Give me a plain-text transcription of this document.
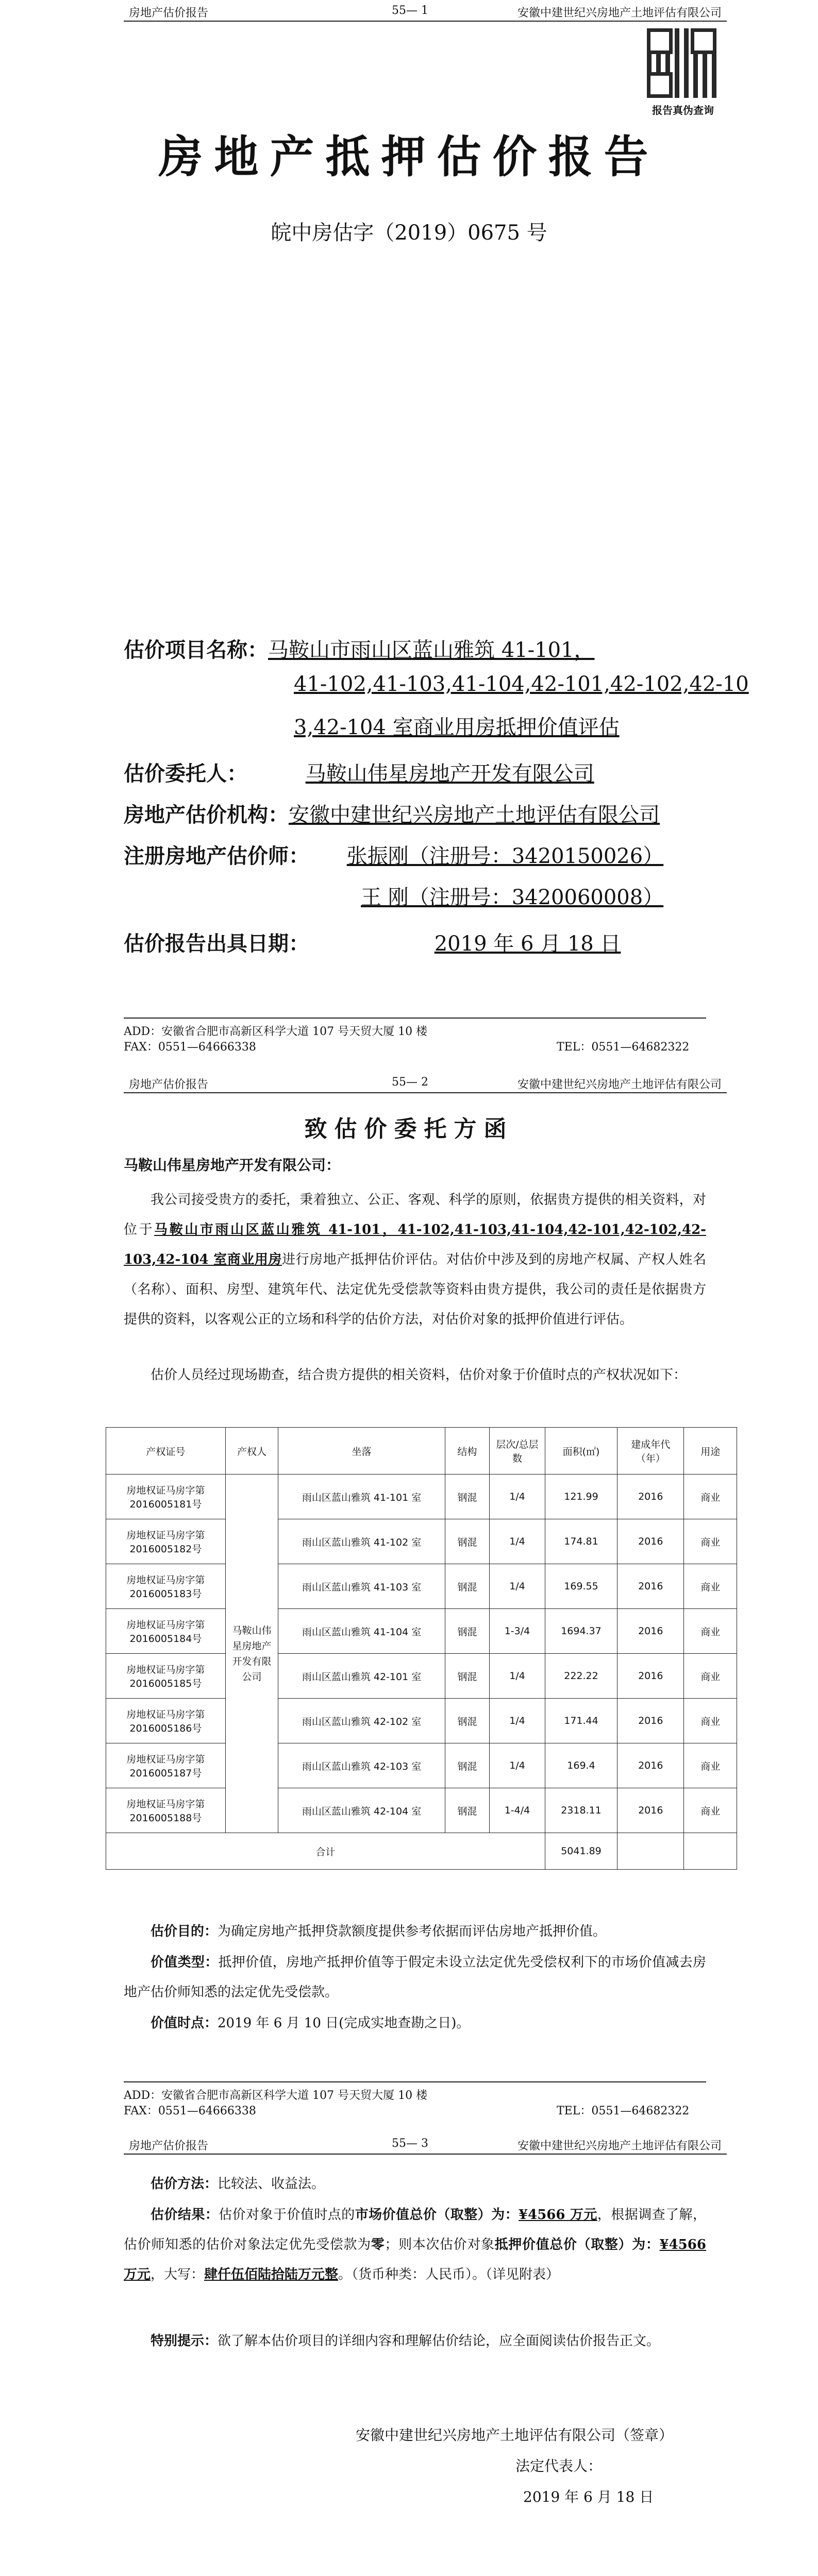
房地产估价报告	55— 1	安徽中建世纪兴房地产土地评估有限公司
报告真伪查询
房地产抵押估价报告
皖中房估字（2019）0675 号
估价项目名称：马鞍山市雨山区蓝山雅筑 41-101，
41-102,41-103,41-104,42-101,42-102,42-10
3,42-104 室商业用房抵押价值评估
估价委托人：	马鞍山伟星房地产开发有限公司
房地产估价机构：安徽中建世纪兴房地产土地评估有限公司
注册房地产估价师： 张振刚（注册号：3420150026）
王 刚（注册号：3420060008）
估价报告出具日期：	2019 年 6 月 18 日
ADD：安徽省合肥市高新区科学大道 107 号天贸大厦 10 楼
FAX：0551—64666338	TEL：0551—64682322
房地产估价报告	55— 2	安徽中建世纪兴房地产土地评估有限公司
致估价委托方函
马鞍山伟星房地产开发有限公司：
我公司接受贵方的委托，秉着独立、公正、客观、科学的原则，依据贵方提供的相关资料，对位于马鞍山市雨山区蓝山雅筑 41-101，41-102,41-103,41-104,42-101,42-102,42-103,42-104 室商业用房进行房地产抵押估价评估。对估价中涉及到的房地产权属、产权人姓名（名称）、面积、房型、建筑年代、法定优先受偿款等资料由贵方提供，我公司的责任是依据贵方提供的资料，以客观公正的立场和科学的估价方法，对估价对象的抵押价值进行评估。
估价人员经过现场勘查，结合贵方提供的相关资料，估价对象于价值时点的产权状况如下：
产权证号	产权人	坐落	结构	层次/总层数	面积(㎡)	建成年代（年）	用途
房地权证马房字第2016005181号	马鞍山伟星房地产开发有限公司	雨山区蓝山雅筑 41-101 室	钢混	1/4	121.99	2016	商业
房地权证马房字第2016005182号		雨山区蓝山雅筑 41-102 室	钢混	1/4	174.81	2016	商业
房地权证马房字第2016005183号		雨山区蓝山雅筑 41-103 室	钢混	1/4	169.55	2016	商业
房地权证马房字第2016005184号		雨山区蓝山雅筑 41-104 室	钢混	1-3/4	1694.37	2016	商业
房地权证马房字第2016005185号		雨山区蓝山雅筑 42-101 室	钢混	1/4	222.22	2016	商业
房地权证马房字第2016005186号		雨山区蓝山雅筑 42-102 室	钢混	1/4	171.44	2016	商业
房地权证马房字第2016005187号		雨山区蓝山雅筑 42-103 室	钢混	1/4	169.4	2016	商业
房地权证马房字第2016005188号		雨山区蓝山雅筑 42-104 室	钢混	1-4/4	2318.11	2016	商业
合计					5041.89		
估价目的：为确定房地产抵押贷款额度提供参考依据而评估房地产抵押价值。
价值类型：抵押价值，房地产抵押价值等于假定未设立法定优先受偿权利下的市场价值减去房地产估价师知悉的法定优先受偿款。
价值时点：2019 年 6 月 10 日(完成实地查勘之日)。
ADD：安徽省合肥市高新区科学大道 107 号天贸大厦 10 楼
FAX：0551—64666338	TEL：0551—64682322
房地产估价报告	55— 3	安徽中建世纪兴房地产土地评估有限公司
估价方法：比较法、收益法。
估价结果：估价对象于价值时点的市场价值总价（取整）为：¥4566 万元，根据调查了解，估价师知悉的估价对象法定优先受偿款为零；则本次估价对象抵押价值总价（取整）为：¥4566 万元，大写：肆仟伍佰陆拾陆万元整。（货币种类：人民币）。（详见附表）
特别提示：欲了解本估价项目的详细内容和理解估价结论，应全面阅读估价报告正文。
安徽中建世纪兴房地产土地评估有限公司（签章）
法定代表人：
2019 年 6 月 18 日
